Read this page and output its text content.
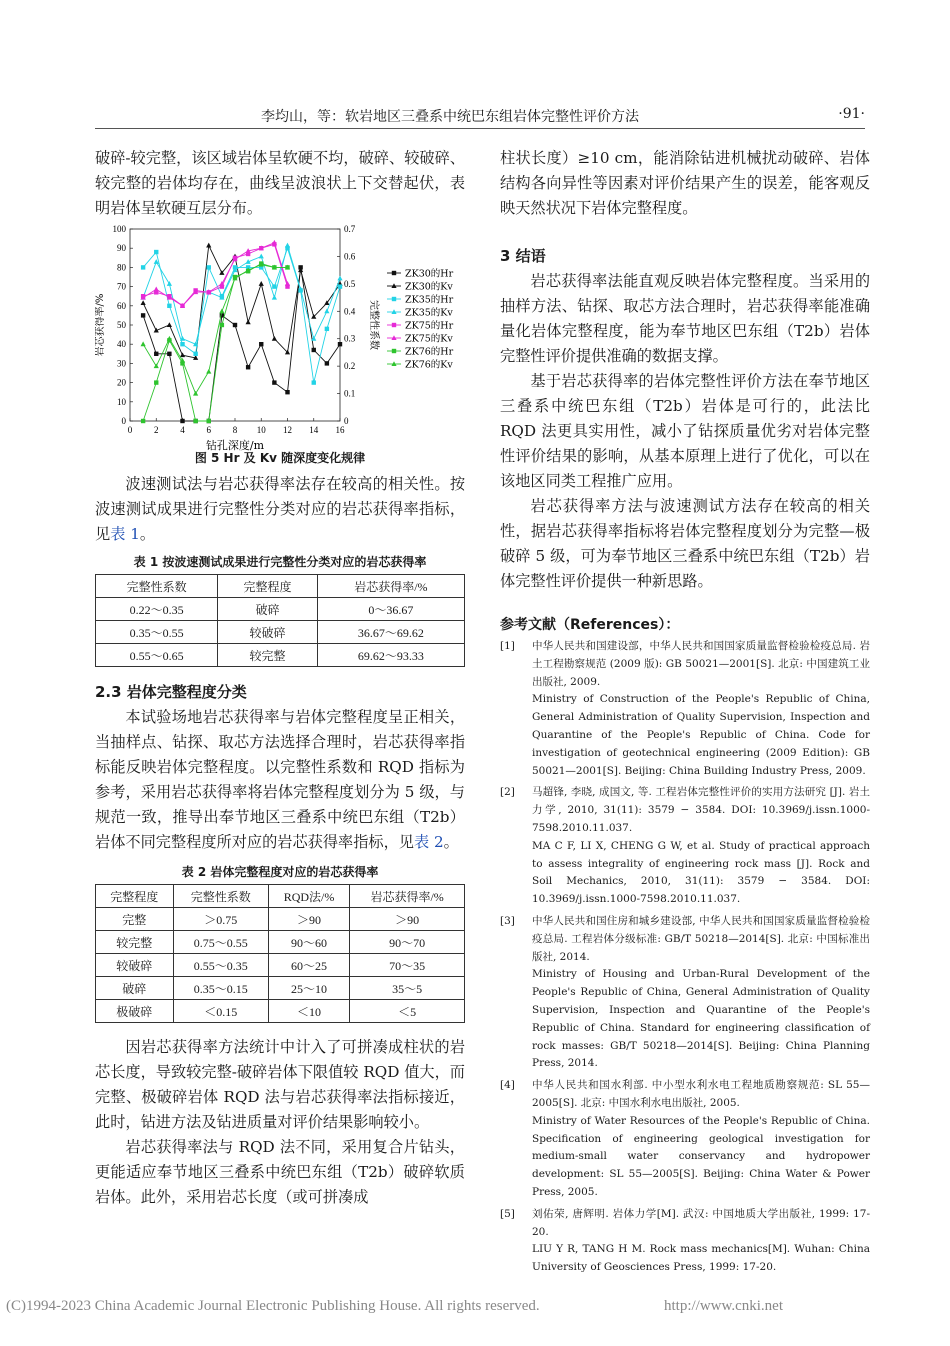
李均山，等：软岩地区三叠系中统巴东组岩体完整性评价方法	·91·

破碎-较完整，该区域岩体呈软硬不均，破碎、较破碎、较完整的岩体均存在，曲线呈波浪状上下交替起伏，表明岩体呈软硬互层分布。

0 2 4 6 8 10 12 14 16
0
10
20
30
40
50
60
70
80
90
100
0
0.1
0.2
0.3
0.4
0.5
0.6
0.7
钻孔深度/m
岩芯获得率/%	完整性系数
ZK30的Hr
ZK30的Kv
ZK35的Hr
ZK35的Kv
ZK75的Hr
ZK75的Kv
ZK76的Hr
ZK76的Kv
图 5 Hr 及 Kv 随深度变化规律

波速测试法与岩芯获得率法存在较高的相关性。按波速测试成果进行完整性分类对应的岩芯获得率指标，见表 1。

表 1 按波速测试成果进行完整性分类对应的岩芯获得率
完整性系数	完整程度	岩芯获得率/%
0.22～0.35	破碎	0～36.67
0.35～0.55	较破碎	36.67～69.62
0.55～0.65	较完整	69.62～93.33
2.3 岩体完整程度分类

本试验场地岩芯获得率与岩体完整程度呈正相关，当抽样点、钻探、取芯方法选择合理时，岩芯获得率指标能反映岩体完整程度。以完整性系数和 RQD 指标为参考，采用岩芯获得率将岩体完整程度划分为 5 级，与规范一致，推导出奉节地区三叠系中统巴东组（T2b）岩体不同完整程度所对应的岩芯获得率指标，见表 2。

表 2 岩体完整程度对应的岩芯获得率
完整程度	完整性系数	RQD法/%	岩芯获得率/%
完整	＞0.75	＞90	＞90
较完整	0.75～0.55	90～60	90～70
较破碎	0.55～0.35	60～25	70～35
破碎	0.35～0.15	25～10	35～5
极破碎	＜0.15	＜10	＜5

因岩芯获得率方法统计中计入了可拼凑成柱状的岩芯长度，导致较完整-破碎岩体下限值较 RQD 值大，而完整、极破碎岩体 RQD 法与岩芯获得率法指标接近，此时，钻进方法及钻进质量对评价结果影响较小。

岩芯获得率法与 RQD 法不同，采用复合片钻头，更能适应奉节地区三叠系中统巴东组（T2b）破碎软质岩体。此外，采用岩芯长度（或可拼凑成

柱状长度）≥10 cm，能消除钻进机械扰动破碎、岩体结构各向异性等因素对评价结果产生的误差，能客观反映天然状况下岩体完整程度。

3 结语

岩芯获得率法能直观反映岩体完整程度。当采用的抽样方法、钻探、取芯方法合理时，岩芯获得率能准确量化岩体完整程度，能为奉节地区巴东组（T2b）岩体完整性评价提供准确的数据支撑。

基于岩芯获得率的岩体完整性评价方法在奉节地区三叠系中统巴东组（T2b）岩体是可行的，此法比 RQD 法更具实用性，减小了钻探质量优劣对岩体完整性评价结果的影响，从基本原理上进行了优化，可以在该地区同类工程推广应用。

岩芯获得率方法与波速测试方法存在较高的相关性，据岩芯获得率指标将岩体完整程度划分为完整—极破碎 5 级，可为奉节地区三叠系中统巴东组（T2b）岩体完整性评价提供一种新思路。

参考文献（References）：
[1] 中华人民共和国建设部，中华人民共和国国家质量监督检验检疫总局. 岩土工程勘察规范 (2009 版): GB 50021—2001[S]. 北京: 中国建筑工业出版社, 2009.
Ministry of Construction of the People's Republic of China, General Administration of Quality Supervision, Inspection and Quarantine of the People's Republic of China. Code for investigation of geotechnical engineering (2009 Edition): GB 50021—2001[S]. Beijing: China Building Industry Press, 2009.
[2] 马超锋, 李晓, 成国文, 等. 工程岩体完整性评价的实用方法研究 [J]. 岩土力学, 2010, 31(11): 3579 − 3584. DOI: 10.3969/j.issn.1000-7598.2010.11.037.
MA C F, LI X, CHENG G W, et al. Study of practical approach to assess integrality of engineering rock mass [J]. Rock and Soil Mechanics, 2010, 31(11): 3579 − 3584. DOI: 10.3969/j.issn.1000-7598.2010.11.037.
[3] 中华人民共和国住房和城乡建设部, 中华人民共和国国家质量监督检验检疫总局. 工程岩体分级标准: GB/T 50218—2014[S]. 北京: 中国标准出版社, 2014.
Ministry of Housing and Urban-Rural Development of the People's Republic of China, General Administration of Quality Supervision, Inspection and Quarantine of the People's Republic of China. Standard for engineering classification of rock masses: GB/T 50218—2014[S]. Beijing: China Planning Press, 2014.
[4] 中华人民共和国水利部. 中小型水利水电工程地质勘察规范: SL 55—2005[S]. 北京: 中国水利水电出版社, 2005.
Ministry of Water Resources of the People's Republic of China. Specification of engineering geological investigation for medium-small water conservancy and hydropower development: SL 55—2005[S]. Beijing: China Water & Power Press, 2005.
[5] 刘佑荣, 唐辉明. 岩体力学[M]. 武汉: 中国地质大学出版社, 1999: 17-20.
LIU Y R, TANG H M. Rock mass mechanics[M]. Wuhan: China University of Geosciences Press, 1999: 17-20.
(C)1994-2023 China Academic Journal Electronic Publishing House. All rights reserved.	http://www.cnki.net
